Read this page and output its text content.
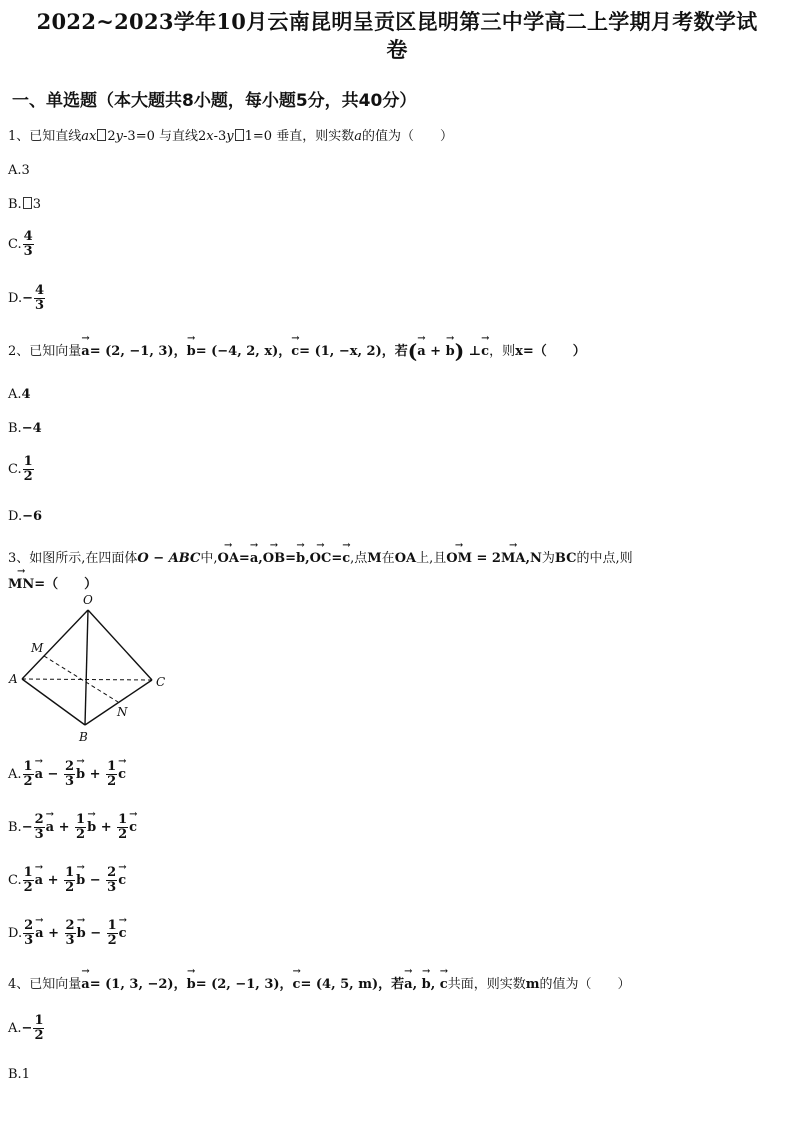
2022~2023学年10月云南昆明呈贡区昆明第三中学高二上学期月考数学试
卷
一、单选题（本大题共8小题，每小题5分，共40分）
1、已知直线ax 2y-3=0 与直线2x-3y 1=0 垂直，则实数a的值为（　　）
A.3
B. 3
C. $\frac{4}{3}$
$D.- \frac{4}{3}$
2、已知向量→ a= (2, −1, 3)，→ b= (−4, 2, x)，→ c= (1, −x, 2)，若(→ a + → b) ⊥→ c，则x=（　　）
A.4
B.−4
C. $\frac{1}{2}$
D.−6
3、如图所示,在四面体O − ABC中,→ OA=→ a,→ OB=→ b,→ OC=→ c,点M在OA上,且→ OM = 2→ MA,N为BC的中点,则
→ MN=（　　）
O
A	C
B
M
N
A. $\frac{1}{2}$
→ $a - \frac{2}{3}$
→ $b + \frac{1}{2}$
→ c
$B.- \frac{2}{3}$
→ $a + \frac{1}{2}$
→ $b + \frac{1}{2}$
→ c
C. $\frac{1}{2}$
→ $a + \frac{1}{2}$
→ $b - \frac{2}{3}$
→ c
D. $\frac{2}{3}$
→ $a + \frac{2}{3}$
→ $b - \frac{1}{2}$
→ c
4、已知向量→ a= (1, 3, −2)，→ b= (2, −1, 3)，→ c= (4, 5, m)，若→ a, → b, → c共面，则实数m的值为（　　）
$A.- \frac{1}{2}$
B.1
